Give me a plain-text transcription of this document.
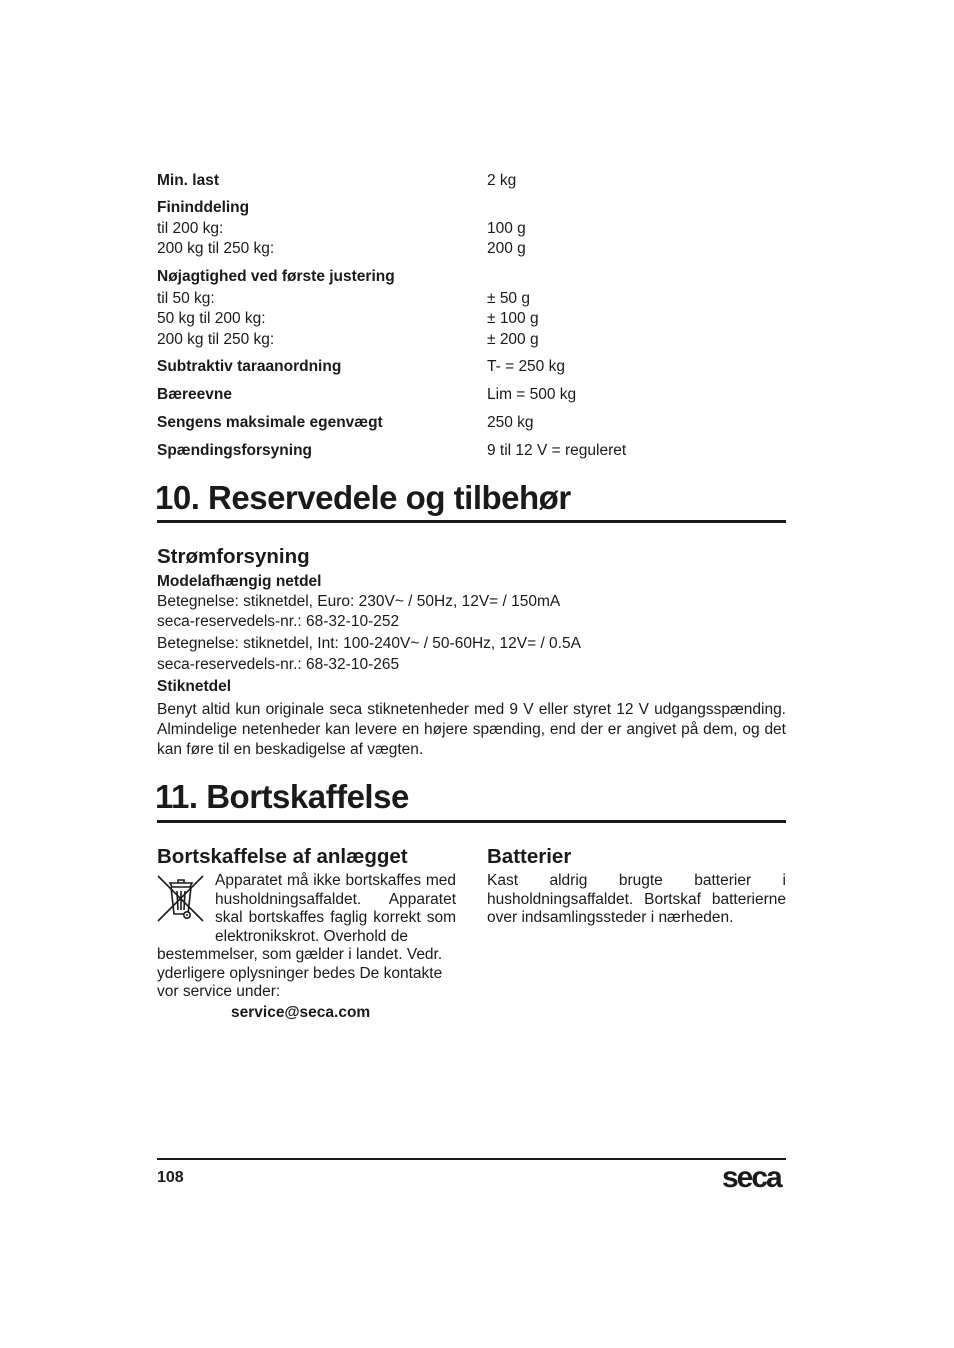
Min. last	2 kg
Fininddeling
til 200 kg:	100 g
200 kg til 250 kg:	200 g
Nøjagtighed ved første justering
til 50 kg:	± 50 g
50 kg til 200 kg:	± 100 g
200 kg til 250 kg:	± 200 g
Subtraktiv taraanordning	T- = 250 kg
Bæreevne	Lim = 500 kg
Sengens maksimale egenvægt	250 kg
Spændingsforsyning	9 til 12 V = reguleret
10. Reservedele og tilbehør
Strømforsyning
Modelafhængig netdel
Betegnelse: stiknetdel, Euro: 230V~ / 50Hz, 12V= / 150mA
seca-reservedels-nr.: 68-32-10-252
Betegnelse: stiknetdel, Int: 100-240V~ / 50-60Hz, 12V= / 0.5A
seca-reservedels-nr.: 68-32-10-265
Stiknetdel
Benyt altid kun originale seca stiknetenheder med 9 V eller styret 12 V udgangsspænding. Almindelige netenheder kan levere en højere spænding, end der er angivet på dem, og det kan føre til en beskadigelse af vægten.
11. Bortskaffelse
Bortskaffelse af anlægget
Apparatet må ikke bortskaffes med husholdningsaffaldet. Apparatet skal bortskaffes faglig korrekt som elektronikskrot. Overhold de
bestemmelser, som gælder i landet. Vedr. yderligere oplysninger bedes De kontakte vor service under:
service@seca.com
Batterier
Kast aldrig brugte batterier i husholdningsaffaldet. Bortskaf batterierne over indsamlingssteder i nærheden.
108	seca
